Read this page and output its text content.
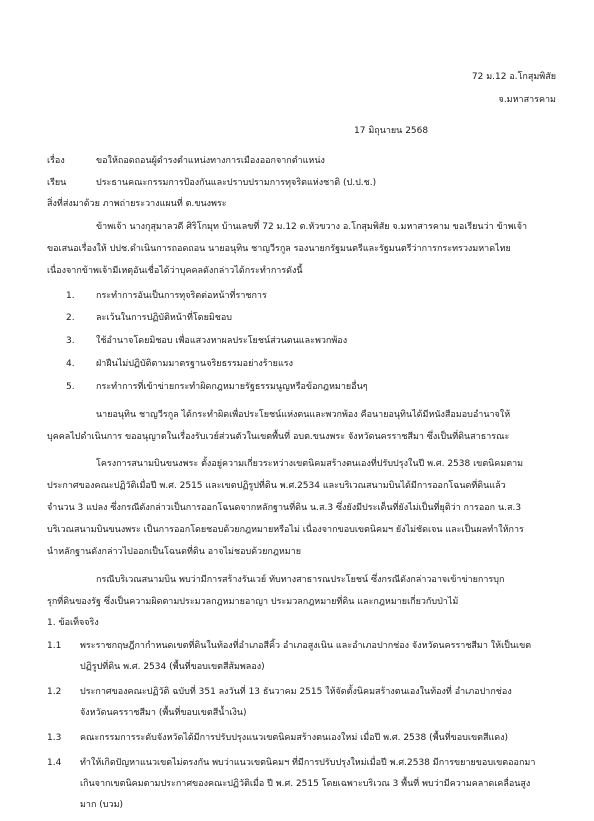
72 ม.12 อ.โกสุมพิสัย
จ.มหาสารคาม
17 มิถุนายน 2568
เรื่อง	ขอให้ถอดถอนผู้ดำรงตำแหน่งทางการเมืองออกจากตำแหน่ง
เรียน	ประธานคณะกรรมการป้องกันและปราบปรามการทุจริตแห่งชาติ (ป.ป.ช.)
สิ่งที่ส่งมาด้วย ภาพถ่ายระวางแผนที่ ต.ขนงพระ
ข้าพเจ้า นางกุสุมาลวดี ศิริโกมุท บ้านเลขที่ 72 ม.12 ต.หัวขวาง อ.โกสุมพิสัย จ.มหาสารคาม ขอเรียนว่า ข้าพเจ้า
ขอเสนอเรื่องให้ ปปช.ดำเนินการถอดถอน นายอนุทิน ชาญวีรกูล รองนายกรัฐมนตรีและรัฐมนตรีว่าการกระทรวงมหาดไทย
เนื่องจากข้าพเจ้ามีเหตุอันเชื่อได้ว่าบุคคลดังกล่าวได้กระทำการดังนี้
1. กระทำการอันเป็นการทุจริตต่อหน้าที่ราชการ
2. ละเว้นในการปฏิบัติหน้าที่โดยมิชอบ
3. ใช้อำนาจโดยมิชอบ เพื่อแสวงหาผลประโยชน์ส่วนตนและพวกพ้อง
4. ฝ่าฝืนไม่ปฏิบัติตามมาตรฐานจริยธรรมอย่างร้ายแรง
5. กระทำการที่เข้าข่ายกระทำผิดกฎหมายรัฐธรรมนูญหรือข้อกฎหมายอื่นๆ
นายอนุทิน ชาญวีรกูล ได้กระทำผิดเพื่อประโยชน์แห่งตนและพวกพ้อง คือนายอนุทินได้มีหนังสือมอบอำนาจให้
บุคคลไปดำเนินการ ขออนุญาตในเรื่องรับเวย์ส่วนตัวในเขตพื้นที่ อบต.ขนงพระ จังหวัดนครราชสีมา ซึ่งเป็นที่ดินสาธารณะ
โครงการสนามบินขนงพระ ตั้งอยู่ความเกี่ยวระหว่างเขตนิคมสร้างตนเองที่ปรับปรุงในปี พ.ศ. 2538 เขตนิคมตาม
ประกาศของคณะปฏิวัติเมื่อปี พ.ศ. 2515 และเขตปฏิรูปที่ดิน พ.ศ.2534 และบริเวณสนามบินได้มีการออกโฉนดที่ดินแล้ว
จำนวน 3 แปลง ซึ่งกรณีดังกล่าวเป็นการออกโฉนดจากหลักฐานที่ดิน น.ส.3 ซึ่งยังมีประเด็นที่ยังไม่เป็นที่ยุติว่า การออก น.ส.3
บริเวณสนามบินขนงพระ เป็นการออกโดยชอบด้วยกฎหมายหรือไม่ เนื่องจากขอบเขตนิคมฯ ยังไม่ชัดเจน และเป็นผลทำให้การ
นำหลักฐานดังกล่าวไปออกเป็นโฉนดที่ดิน อาจไม่ชอบด้วยกฎหมาย
กรณีบริเวณสนามบิน พบว่ามีการสร้างรันเวย์ ทับทางสาธารณประโยชน์ ซึ่งกรณีดังกล่าวอาจเข้าข่ายการบุก
รุกที่ดินของรัฐ ซึ่งเป็นความผิดตามประมวลกฎหมายอาญา ประมวลกฎหมายที่ดิน และกฎหมายเกี่ยวกับป่าไม้
1. ข้อเท็จจริง
1.1 พระราชกฤษฎีกากำหนดเขตที่ดินในท้องที่อำเภอสีคิ้ว อำเภอสูงเนิน และอำเภอปากช่อง จังหวัดนครราชสีมา ให้เป็นเขต
ปฏิรูปที่ดิน พ.ศ. 2534 (พื้นที่ขอบเขตสีส้มพลอง)
1.2 ประกาศของคณะปฏิวัติ ฉบับที่ 351 ลงวันที่ 13 ธันวาคม 2515 ให้จัดตั้งนิคมสร้างตนเองในท้องที่ อำเภอปากช่อง
จังหวัดนครราชสีมา (พื้นที่ขอบเขตสีน้ำเงิน)
1.3 คณะกรรมการระดับจังหวัดได้มีการปรับปรุงแนวเขตนิคมสร้างตนเองใหม่ เมื่อปี พ.ศ. 2538 (พื้นที่ขอบเขตสีแดง)
1.4 ทำให้เกิดปัญหาแนวเขตไม่ตรงกัน พบว่าแนวเขตนิคมฯ ที่มีการปรับปรุงใหม่เมื่อปี พ.ศ.2538 มีการขยายขอบเขตออกมา
เกินจากเขตนิคมตามประกาศของคณะปฏิวัติเมื่อ ปี พ.ศ. 2515 โดยเฉพาะบริเวณ 3 พื้นที่ พบว่ามีความคลาดเคลื่อนสูง
มาก (บวม)
